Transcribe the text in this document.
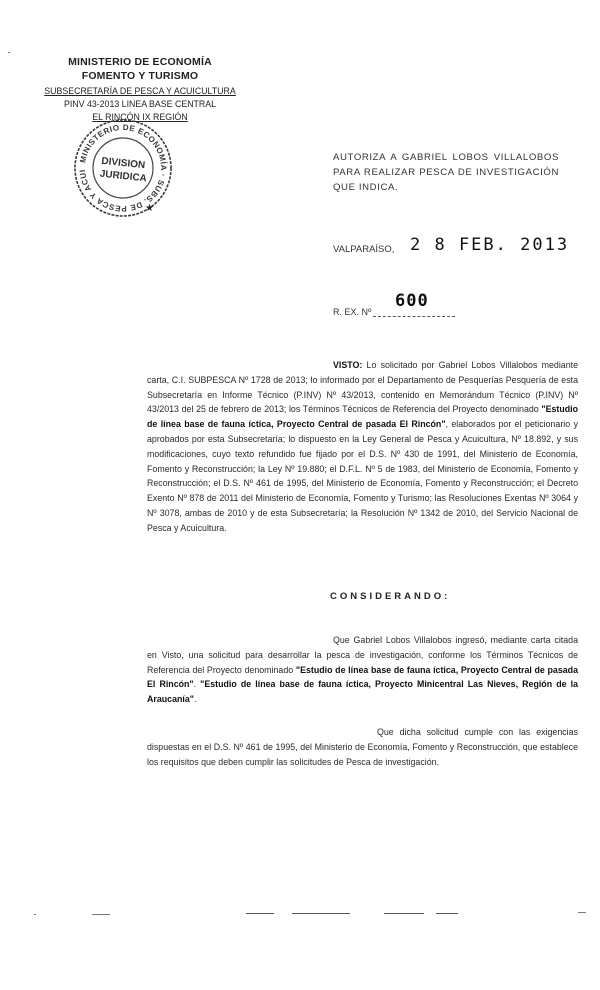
MINISTERIO DE ECONOMÍA
FOMENTO Y TURISMO
SUBSECRETARÍA DE PESCA Y ACUICULTURA
PINV 43-2013 LINEA BASE CENTRAL
EL RINCÓN IX REGIÓN
MINISTERIO DE ECONOMÍA · SUBS. DE PESCA Y ACUI	DIVISION
JURIDICA
★
AUTORIZA A GABRIEL LOBOS VILLALOBOS PARA REALIZAR PESCA DE INVESTIGACIÓN QUE INDICA.
VALPARAÍSO, 2 8 FEB. 2013
R. EX. Nº
600
VISTO: Lo solicitado por Gabriel Lobos Villalobos mediante carta, C.I. SUBPESCA Nº 1728 de 2013; lo informado por el Departamento de Pesquerías Pesquería de esta Subsecretaría en Informe Técnico (P.INV) Nº 43/2013, contenido en Memorándum Técnico (P.INV) Nº 43/2013 del 25 de febrero de 2013; los Términos Técnicos de Referencia del Proyecto denominado "Estudio de línea base de fauna íctica, Proyecto Central de pasada El Rincón", elaborados por el peticionario y aprobados por esta Subsecretaría; lo dispuesto en la Ley General de Pesca y Acuicultura, Nº 18.892, y sus modificaciones, cuyo texto refundido fue fijado por el D.S. Nº 430 de 1991, del Ministerio de Economía, Fomento y Reconstrucción; la Ley Nº 19.880; el D.F.L. Nº 5 de 1983, del Ministerio de Economía, Fomento y Reconstrucción; el D.S. Nº 461 de 1995, del Ministerio de Economía, Fomento y Reconstrucción; el Decreto Exento Nº 878 de 2011 del Ministerio de Economía, Fomento y Turismo; las Resoluciones Exentas Nº 3064 y Nº 3078, ambas de 2010 y de esta Subsecretaría; la Resolución Nº 1342 de 2010, del Servicio Nacional de Pesca y Acuicultura.
CONSIDERANDO:
Que Gabriel Lobos Villalobos ingresó, mediante carta citada en Visto, una solicitud para desarrollar la pesca de investigación, conforme los Términos Técnicos de Referencia del Proyecto denominado "Estudio de línea base de fauna íctica, Proyecto Central de pasada El Rincón". "Estudio de línea base de fauna íctica, Proyecto Minicentral Las Nieves, Región de la Araucanía".
Que dicha solicitud cumple con las exigencias dispuestas en el D.S. Nº 461 de 1995, del Ministerio de Economía, Fomento y Reconstrucción, que establece los requisitos que deben cumplir las solicitudes de Pesca de investigación.
